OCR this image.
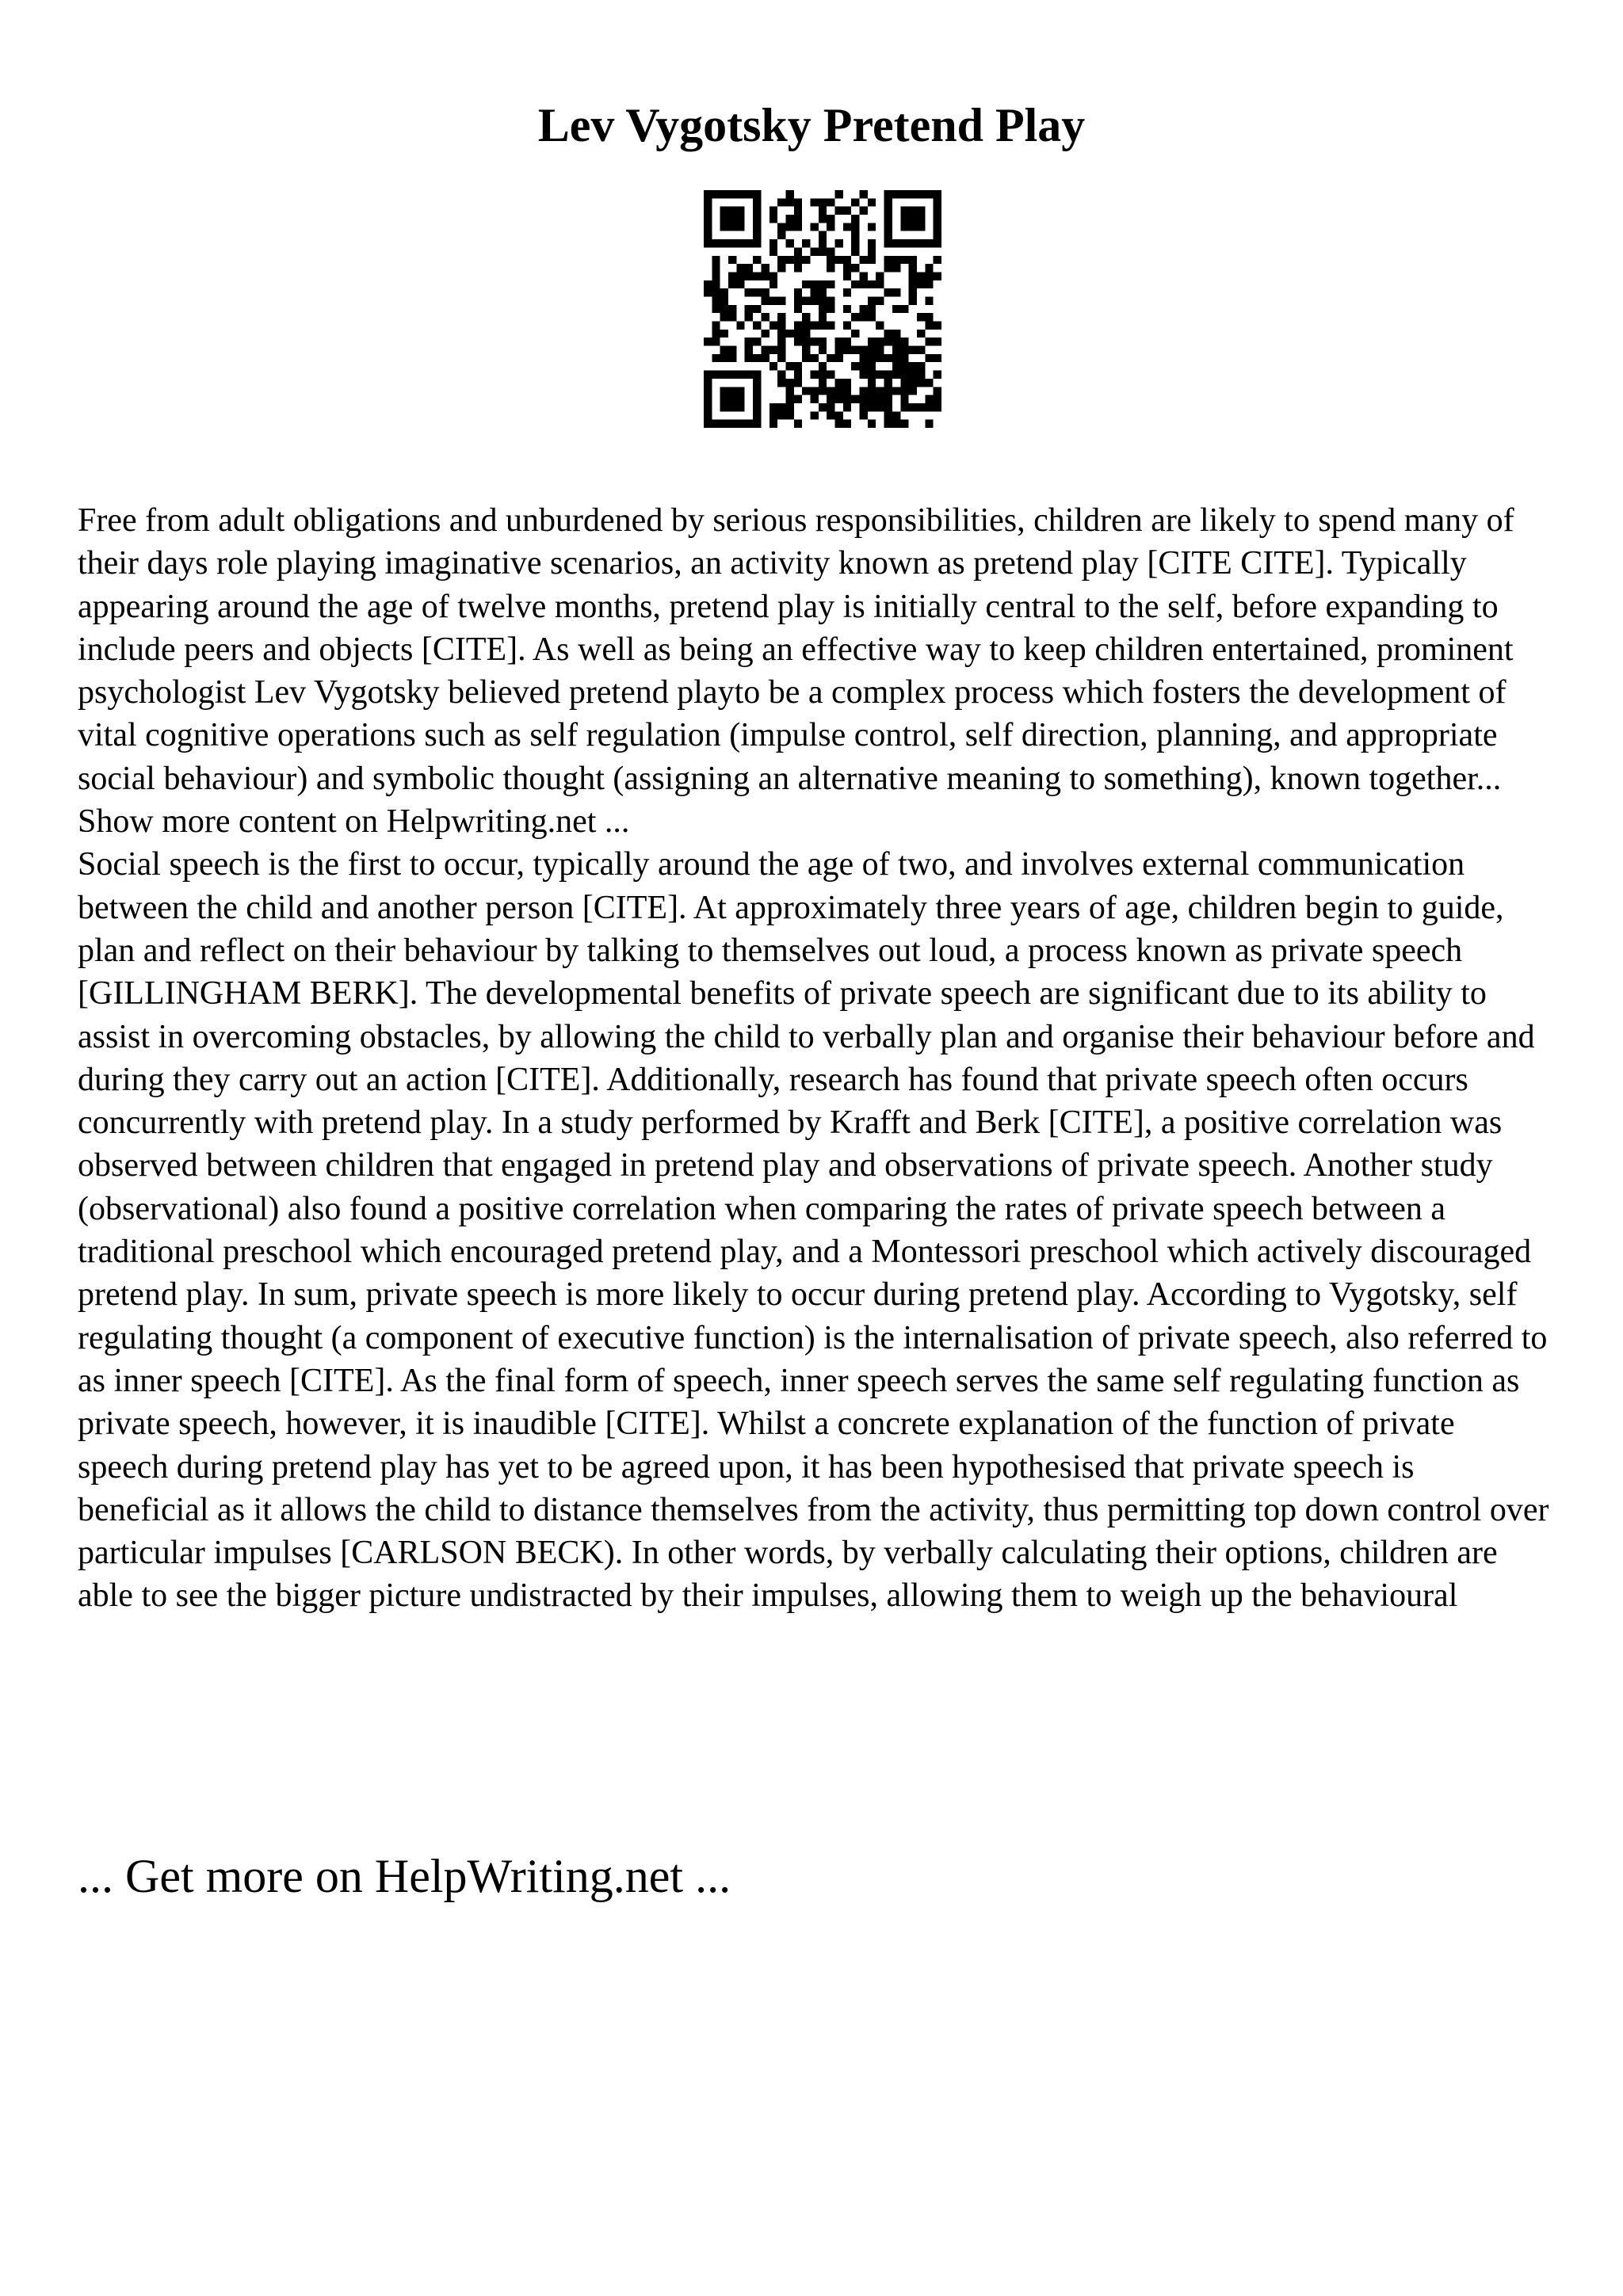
Lev Vygotsky Pretend Play

Free from adult obligations and unburdened by serious responsibilities, children are likely to spend many of their days role playing imaginative scenarios, an activity known as pretend play [CITE CITE]. Typically appearing around the age of twelve months, pretend play is initially central to the self, before expanding to include peers and objects [CITE]. As well as being an effective way to keep children entertained, prominent psychologist Lev Vygotsky believed pretend playto be a complex process which fosters the development of vital cognitive operations such as self regulation (impulse control, self direction, planning, and appropriate social behaviour) and symbolic thought (assigning an alternative meaning to something), known together... Show more content on Helpwriting.net ...

Social speech is the first to occur, typically around the age of two, and involves external communication between the child and another person [CITE]. At approximately three years of age, children begin to guide, plan and reflect on their behaviour by talking to themselves out loud, a process known as private speech [GILLINGHAM BERK]. The developmental benefits of private speech are significant due to its ability to assist in overcoming obstacles, by allowing the child to verbally plan and organise their behaviour before and during they carry out an action [CITE]. Additionally, research has found that private speech often occurs concurrently with pretend play. In a study performed by Krafft and Berk [CITE], a positive correlation was observed between children that engaged in pretend play and observations of private speech. Another study (observational) also found a positive correlation when comparing the rates of private speech between a traditional preschool which encouraged pretend play, and a Montessori preschool which actively discouraged pretend play. In sum, private speech is more likely to occur during pretend play. According to Vygotsky, self regulating thought (a component of executive function) is the internalisation of private speech, also referred to as inner speech [CITE]. As the final form of speech, inner speech serves the same self regulating function as private speech, however, it is inaudible [CITE]. Whilst a concrete explanation of the function of private speech during pretend play has yet to be agreed upon, it has been hypothesised that private speech is beneficial as it allows the child to distance themselves from the activity, thus permitting top down control over particular impulses [CARLSON BECK). In other words, by verbally calculating their options, children are able to see the bigger picture undistracted by their impulses, allowing them to weigh up the behavioural

... Get more on HelpWriting.net ...
